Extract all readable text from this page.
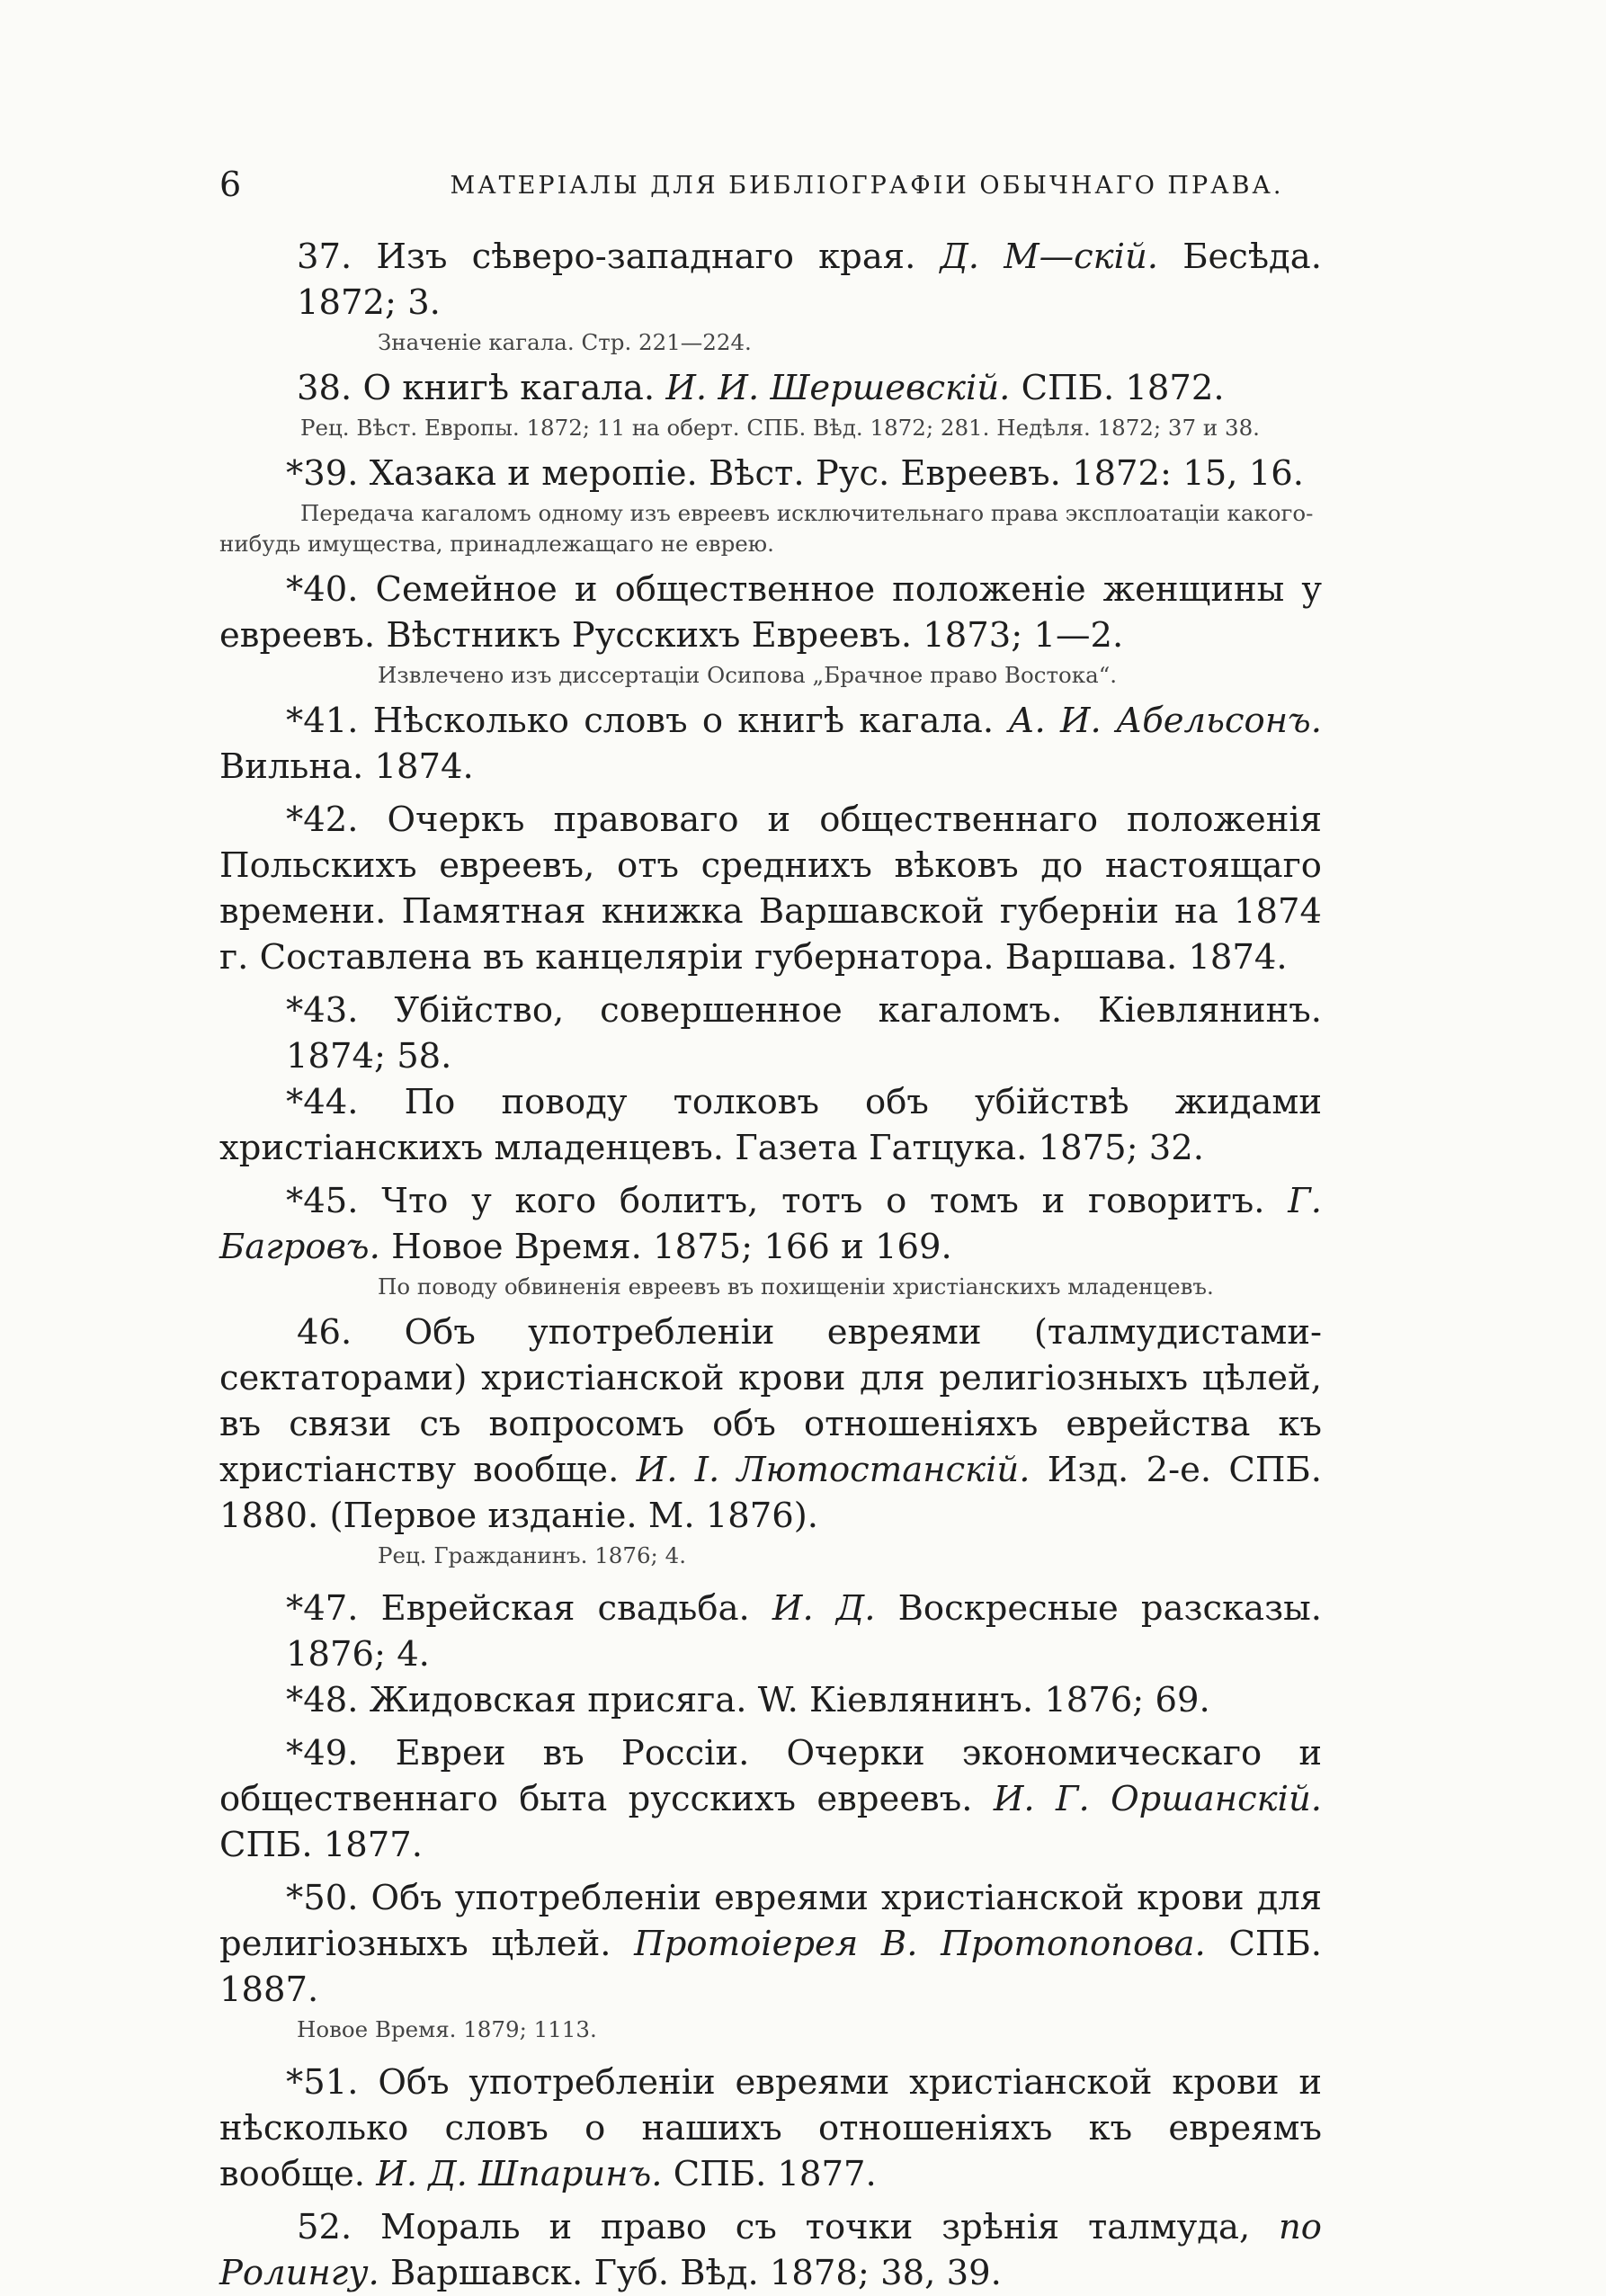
6	МАТЕРІАЛЫ ДЛЯ БИБЛІОГРАФІИ ОБЫЧНАГО ПРАВА.

37. Изъ сѣверо-западнаго края. Д. М—скій. Бесѣда. 1872; 3.

Значеніе кагала. Стр. 221—224.

38. О книгѣ кагала. И. И. Шершевскій. СПБ. 1872.

Рец. Вѣст. Европы. 1872; 11 на оберт. СПБ. Вѣд. 1872; 281. Недѣля. 1872; 37 и 38.

*39. Хазака и меропіе. Вѣст. Рус. Евреевъ. 1872: 15, 16.

Передача кагаломъ одному изъ евреевъ исключительнаго права эксплоатаціи какого-нибудь имущества, принадлежащаго не еврею.

*40. Семейное и общественное положеніе женщины у евреевъ. Вѣстникъ Русскихъ Евреевъ. 1873; 1—2.

Извлечено изъ диссертаціи Осипова „Брачное право Востока“.

*41. Нѣсколько словъ о книгѣ кагала. А. И. Абельсонъ. Вильна. 1874.

*42. Очеркъ правоваго и общественнаго положенія Польскихъ евреевъ, отъ среднихъ вѣковъ до настоящаго времени. Памятная книжка Варшавской губерніи на 1874 г. Составлена въ канцеляріи губернатора. Варшава. 1874.

*43. Убійство, совершенное кагаломъ. Кіевлянинъ. 1874; 58.

*44. По поводу толковъ объ убійствѣ жидами христіанскихъ младенцевъ. Газета Гатцука. 1875; 32.

*45. Что у кого болитъ, тотъ о томъ и говоритъ. Г. Багровъ. Новое Время. 1875; 166 и 169.

По поводу обвиненія евреевъ въ похищеніи христіанскихъ младенцевъ.

46. Объ употребленіи евреями (талмудистами-сектаторами) христіанской крови для религіозныхъ цѣлей, въ связи съ вопросомъ объ отношеніяхъ еврейства къ христіанству вообще. И. I. Лютостанскій. Изд. 2-е. СПБ. 1880. (Первое изданіе. М. 1876).

Рец. Гражданинъ. 1876; 4.

*47. Еврейская свадьба. И. Д. Воскресные разсказы. 1876; 4.

*48. Жидовская присяга. W. Кіевлянинъ. 1876; 69.

*49. Евреи въ Россіи. Очерки экономическаго и общественнаго быта русскихъ евреевъ. И. Г. Оршанскій. СПБ. 1877.

*50. Объ употребленіи евреями христіанской крови для религіозныхъ цѣлей. Протоіерея В. Протопопова. СПБ. 1887.

Новое Время. 1879; 1113.

*51. Объ употребленіи евреями христіанской крови и нѣсколько словъ о нашихъ отношеніяхъ къ евреямъ вообще. И. Д. Шпаринъ. СПБ. 1877.

52. Мораль и право съ точки зрѣнія талмуда, по Ролингу. Варшавск. Губ. Вѣд. 1878; 38, 39.
